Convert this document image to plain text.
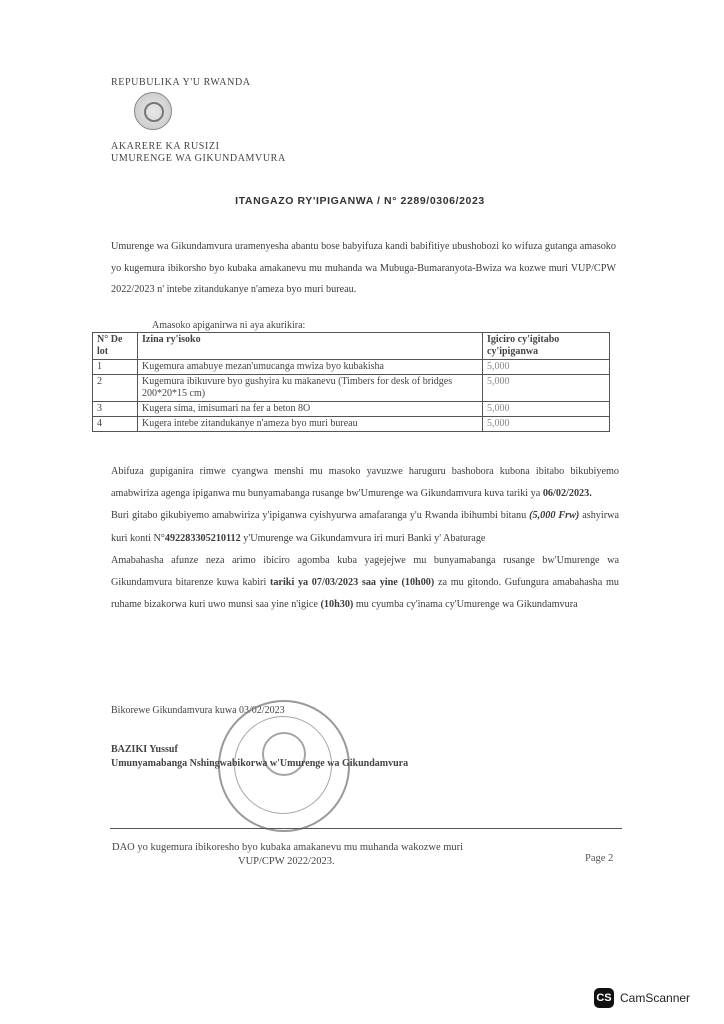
REPUBULIKA Y'U RWANDA
AKARERE KA RUSIZI
UMURENGE WA GIKUNDAMVURA
ITANGAZO RY'IPIGANWA / N° 2289/0306/2023
Umurenge wa Gikundamvura uramenyesha abantu bose babyifuza kandi babifitiye ubushobozi ko wifuza gutanga amasoko yo kugemura ibikorsho byo kubaka amakanevu mu muhanda wa Mubuga-Bumaranyota-Bwiza wa kozwe muri VUP/CPW 2022/2023 n' intebe zitandukanye n'ameza byo muri bureau.
Amasoko apiganirwa ni aya akurikira:
N° De lot	Izina ry'isoko	Igiciro cy'igitabo cy'ipiganwa
1	Kugemura amabuye mezan'umucanga mwiza byo kubakisha	5,000
2	Kugemura ibikuvure byo gushyira ku makanevu (Timbers for desk of bridges 200*20*15 cm)	5,000
3	Kugera sima, imisumari na fer a beton 8O	5,000
4	Kugera intebe zitandukanye n'ameza byo muri bureau	5,000

Abifuza gupiganira rimwe cyangwa menshi mu masoko yavuzwe haruguru bashobora kubona ibitabo bikubiyemo amabwiriza agenga ipiganwa mu bunyamabanga rusange bw'Umurenge wa Gikundamvura kuva tariki ya 06/02/2023.

Buri gitabo gikubiyemo amabwiriza y'ipiganwa cyishyurwa amafaranga y'u Rwanda ibihumbi bitanu (5,000 Frw) ashyirwa kuri konti N°492283305210112 y'Umurenge wa Gikundamvura iri muri Banki y' Abaturage

Amabahasha afunze neza arimo ibiciro agomba kuba yagejejwe mu bunyamabanga rusange bw'Umurenge wa Gikundamvura bitarenze kuwa kabiri tariki ya 07/03/2023 saa yine (10h00) za mu gitondo. Gufungura amabahasha mu ruhame bizakorwa kuri uwo munsi saa yine n'igice (10h30) mu cyumba cy'inama cy'Umurenge wa Gikundamvura

Bikorewe Gikundamvura kuwa 03/02/2023
BAZIKI Yussuf
Umunyamabanga Nshingwabikorwa w'Umurenge wa Gikundamvura
DAO yo kugemura ibikoresho byo kubaka amakanevu mu muhanda wakozwe muri
VUP/CPW 2022/2023.	Page 2
CS CamScanner
